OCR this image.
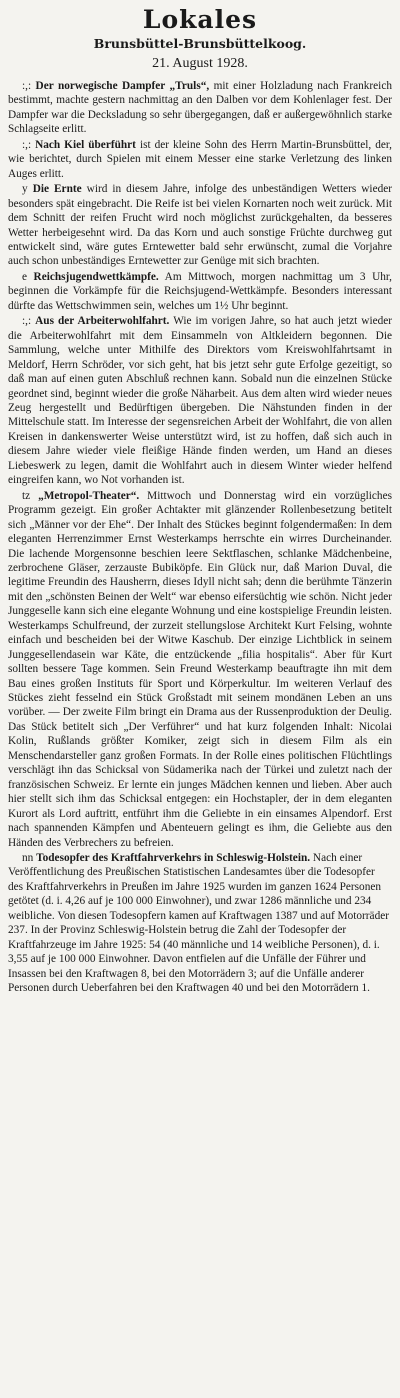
Lokales
Brunsbüttel-Brunsbüttelkoog.
21. August 1928.

:,: Der norwegische Dampfer „Truls“, mit einer Holzladung nach Frankreich bestimmt, machte gestern nachmittag an den Dalben vor dem Kohlenlager fest. Der Dampfer war die Decksladung so sehr übergegangen, daß er außergewöhnlich starke Schlagseite erlitt.

:,: Nach Kiel überführt ist der kleine Sohn des Herrn Martin-Brunsbüttel, der, wie berichtet, durch Spielen mit einem Messer eine starke Verletzung des linken Auges erlitt.

y Die Ernte wird in diesem Jahre, infolge des unbeständigen Wetters wieder besonders spät eingebracht. Die Reife ist bei vielen Kornarten noch weit zurück. Mit dem Schnitt der reifen Frucht wird noch möglichst zurückgehalten, da besseres Wetter herbeigesehnt wird. Da das Korn und auch sonstige Früchte durchweg gut entwickelt sind, wäre gutes Erntewetter bald sehr erwünscht, zumal die Vorjahre auch schon unbeständiges Erntewetter zur Genüge mit sich brachten.

e Reichsjugendwettkämpfe. Am Mittwoch, morgen nachmittag um 3 Uhr, beginnen die Vorkämpfe für die Reichsjugend-Wettkämpfe. Besonders interessant dürfte das Wettschwimmen sein, welches um 1½ Uhr beginnt.

:,: Aus der Arbeiterwohlfahrt. Wie im vorigen Jahre, so hat auch jetzt wieder die Arbeiterwohlfahrt mit dem Einsammeln von Altkleidern begonnen. Die Sammlung, welche unter Mithilfe des Direktors vom Kreiswohlfahrtsamt in Meldorf, Herrn Schröder, vor sich geht, hat bis jetzt sehr gute Erfolge gezeitigt, so daß man auf einen guten Abschluß rechnen kann. Sobald nun die einzelnen Stücke geordnet sind, beginnt wieder die große Näharbeit. Aus dem alten wird wieder neues Zeug hergestellt und Bedürftigen übergeben. Die Nähstunden finden in der Mittelschule statt. Im Interesse der segensreichen Arbeit der Wohlfahrt, die von allen Kreisen in dankenswerter Weise unterstützt wird, ist zu hoffen, daß sich auch in diesem Jahre wieder viele fleißige Hände finden werden, um Hand an dieses Liebeswerk zu legen, damit die Wohlfahrt auch in diesem Winter wieder helfend eingreifen kann, wo Not vorhanden ist.

tz „Metropol-Theater“. Mittwoch und Donnerstag wird ein vorzügliches Programm gezeigt. Ein großer Achtakter mit glänzender Rollenbesetzung betitelt sich „Männer vor der Ehe“. Der Inhalt des Stückes beginnt folgendermaßen: In dem eleganten Herrenzimmer Ernst Westerkamps herrschte ein wirres Durcheinander. Die lachende Morgensonne beschien leere Sektflaschen, schlanke Mädchenbeine, zerbrochene Gläser, zerzauste Bubiköpfe. Ein Glück nur, daß Marion Duval, die legitime Freundin des Hausherrn, dieses Idyll nicht sah; denn die berühmte Tänzerin mit den „schönsten Beinen der Welt“ war ebenso eifersüchtig wie schön. Nicht jeder Junggeselle kann sich eine elegante Wohnung und eine kostspielige Freundin leisten. Westerkamps Schulfreund, der zurzeit stellungslose Architekt Kurt Felsing, wohnte einfach und bescheiden bei der Witwe Kaschub. Der einzige Lichtblick in seinem Junggesellendasein war Käte, die entzückende „filia hospitalis“. Aber für Kurt sollten bessere Tage kommen. Sein Freund Westerkamp beauftragte ihn mit dem Bau eines großen Instituts für Sport und Körperkultur. Im weiteren Verlauf des Stückes zieht fesselnd ein Stück Großstadt mit seinem mondänen Leben an uns vorüber. — Der zweite Film bringt ein Drama aus der Russenproduktion der Deulig. Das Stück betitelt sich „Der Verführer“ und hat kurz folgenden Inhalt: Nicolai Kolin, Rußlands größter Komiker, zeigt sich in diesem Film als ein Menschendarsteller ganz großen Formats. In der Rolle eines politischen Flüchtlings verschlägt ihn das Schicksal von Südamerika nach der Türkei und zuletzt nach der französischen Schweiz. Er lernte ein junges Mädchen kennen und lieben. Aber auch hier stellt sich ihm das Schicksal entgegen: ein Hochstapler, der in dem eleganten Kurort als Lord auftritt, entführt ihm die Geliebte in ein einsames Alpendorf. Erst nach spannenden Kämpfen und Abenteuern gelingt es ihm, die Geliebte aus den Händen des Verbrechers zu befreien.

nn Todesopfer des Kraftfahrverkehrs in Schleswig-Holstein. Nach einer Veröffentlichung des Preußischen Statistischen Landesamtes über die Todesopfer des Kraftfahrverkehrs in Preußen im Jahre 1925 wurden im ganzen 1624 Personen getötet (d. i. 4,26 auf je 100 000 Einwohner), und zwar 1286 männliche und 234 weibliche. Von diesen Todesopfern kamen auf Kraftwagen 1387 und auf Motorräder 237. In der Provinz Schleswig-Holstein betrug die Zahl der Todesopfer der Kraftfahrzeuge im Jahre 1925: 54 (40 männliche und 14 weibliche Personen), d. i. 3,55 auf je 100 000 Einwohner. Davon entfielen auf die Unfälle der Führer und Insassen bei den Kraftwagen 8, bei den Motorrädern 3; auf die Unfälle anderer Personen durch Ueberfahren bei den Kraftwagen 40 und bei den Motorrädern 1.
